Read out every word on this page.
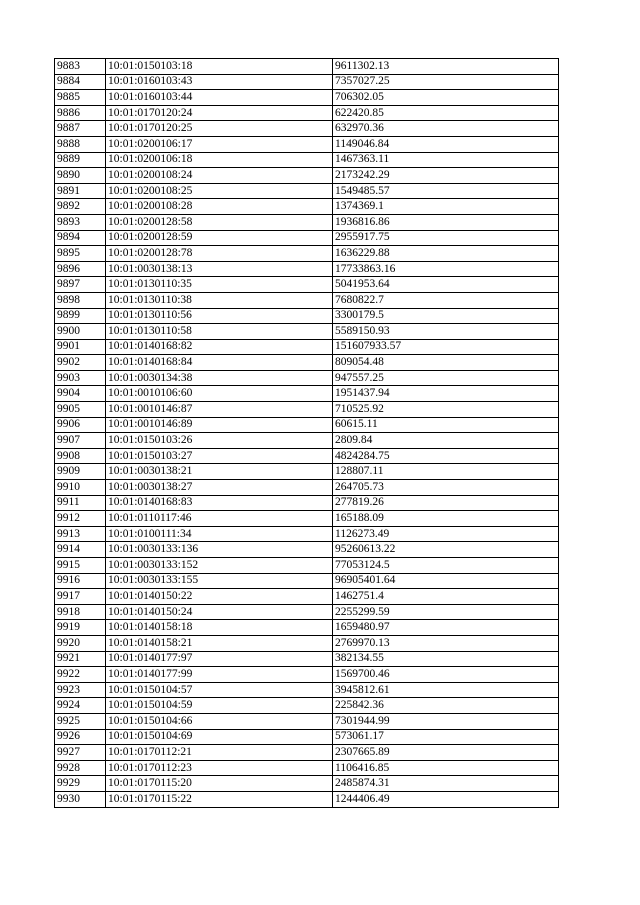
9883	10:01:0150103:18	9611302.13
9884	10:01:0160103:43	7357027.25
9885	10:01:0160103:44	706302.05
9886	10:01:0170120:24	622420.85
9887	10:01:0170120:25	632970.36
9888	10:01:0200106:17	1149046.84
9889	10:01:0200106:18	1467363.11
9890	10:01:0200108:24	2173242.29
9891	10:01:0200108:25	1549485.57
9892	10:01:0200108:28	1374369.1
9893	10:01:0200128:58	1936816.86
9894	10:01:0200128:59	2955917.75
9895	10:01:0200128:78	1636229.88
9896	10:01:0030138:13	17733863.16
9897	10:01:0130110:35	5041953.64
9898	10:01:0130110:38	7680822.7
9899	10:01:0130110:56	3300179.5
9900	10:01:0130110:58	5589150.93
9901	10:01:0140168:82	151607933.57
9902	10:01:0140168:84	809054.48
9903	10:01:0030134:38	947557.25
9904	10:01:0010106:60	1951437.94
9905	10:01:0010146:87	710525.92
9906	10:01:0010146:89	60615.11
9907	10:01:0150103:26	2809.84
9908	10:01:0150103:27	4824284.75
9909	10:01:0030138:21	128807.11
9910	10:01:0030138:27	264705.73
9911	10:01:0140168:83	277819.26
9912	10:01:0110117:46	165188.09
9913	10:01:0100111:34	1126273.49
9914	10:01:0030133:136	95260613.22
9915	10:01:0030133:152	77053124.5
9916	10:01:0030133:155	96905401.64
9917	10:01:0140150:22	1462751.4
9918	10:01:0140150:24	2255299.59
9919	10:01:0140158:18	1659480.97
9920	10:01:0140158:21	2769970.13
9921	10:01:0140177:97	382134.55
9922	10:01:0140177:99	1569700.46
9923	10:01:0150104:57	3945812.61
9924	10:01:0150104:59	225842.36
9925	10:01:0150104:66	7301944.99
9926	10:01:0150104:69	573061.17
9927	10:01:0170112:21	2307665.89
9928	10:01:0170112:23	1106416.85
9929	10:01:0170115:20	2485874.31
9930	10:01:0170115:22	1244406.49
